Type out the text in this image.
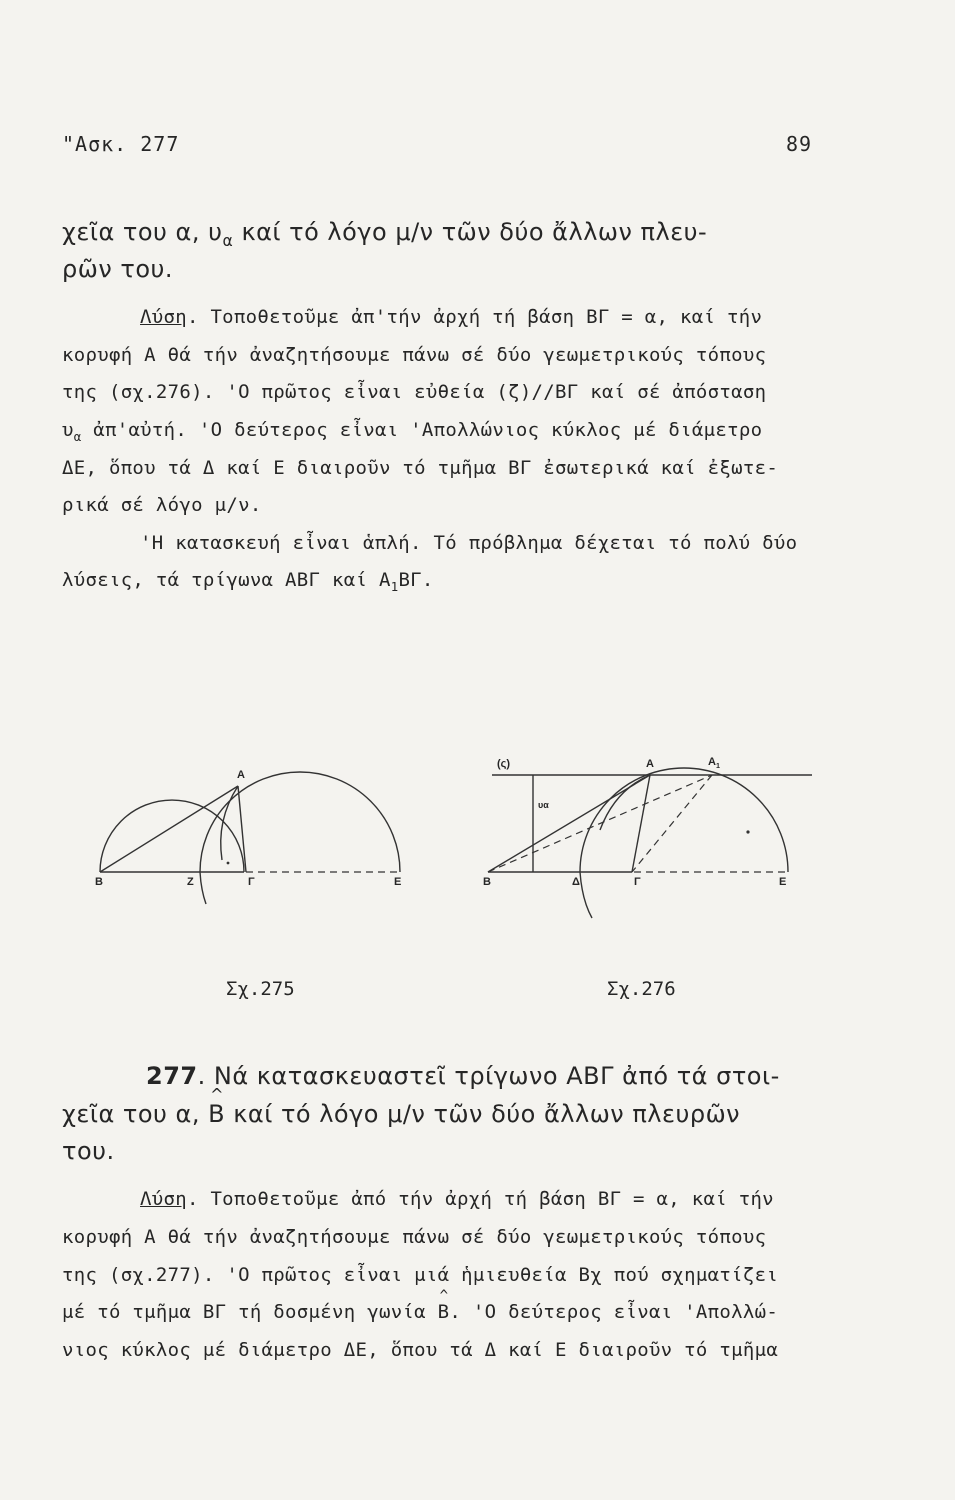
"Ασκ. 277	89
χεῖα του α, $\upsilon_\alpha$ καί τό λόγο μ/ν τῶν δύο ἄλλων πλευ-
ρῶν του.
Λύση. Τοποθετοῦμε ἀπ'τήν ἀρχή τή βάση ΒΓ = α, καί τήν
κορυφή Α θά τήν ἀναζητήσουμε πάνω σέ δύο γεωμετρικούς τόπους
της (σχ.276). 'Ο πρῶτος εἶναι εὐθεία (ζ)//ΒΓ καί σέ ἀπόσταση
$\upsilon_\alpha$ ἀπ'αὐτή. 'Ο δεύτερος εἶναι 'Απολλώνιος κύκλος μέ διάμετρο
ΔΕ, ὅπου τά Δ καί Ε διαιροῦν τό τμῆμα ΒΓ ἐσωτερικά καί ἐξωτε-
ρικά σέ λόγο μ/ν.
'Η κατασκευή εἶναι ἁπλή. Τό πρόβλημα δέχεται τό πολύ δύο
λύσεις, τά τρίγωνα ΑΒΓ καί $A_1B\Gamma$.
A
B	Z	Γ	E
Σχ.275
(ς)	A	$A_1$
υα
B	Δ	Γ	E
Σχ.276
277. Νά κατασκευαστεῖ τρίγωνο ΑΒΓ ἀπό τά στοι-
χεῖα του α,
^
Β καί τό λόγο μ/ν τῶν δύο ἄλλων πλευρῶν
του.
Λύση. Τοποθετοῦμε ἀπό τήν ἀρχή τή βάση ΒΓ = α, καί τήν
κορυφή Α θά τήν ἀναζητήσουμε πάνω σέ δύο γεωμετρικούς τόπους
της (σχ.277). 'Ο πρῶτος εἶναι μιά ἡμιευθεία Βχ πού σχηματίζει
μέ τό τμῆμα ΒΓ τή δοσμένη γωνία
^
Β. 'Ο δεύτερος εἶναι 'Απολλώ-
νιος κύκλος μέ διάμετρο ΔΕ, ὅπου τά Δ καί Ε διαιροῦν τό τμῆμα
